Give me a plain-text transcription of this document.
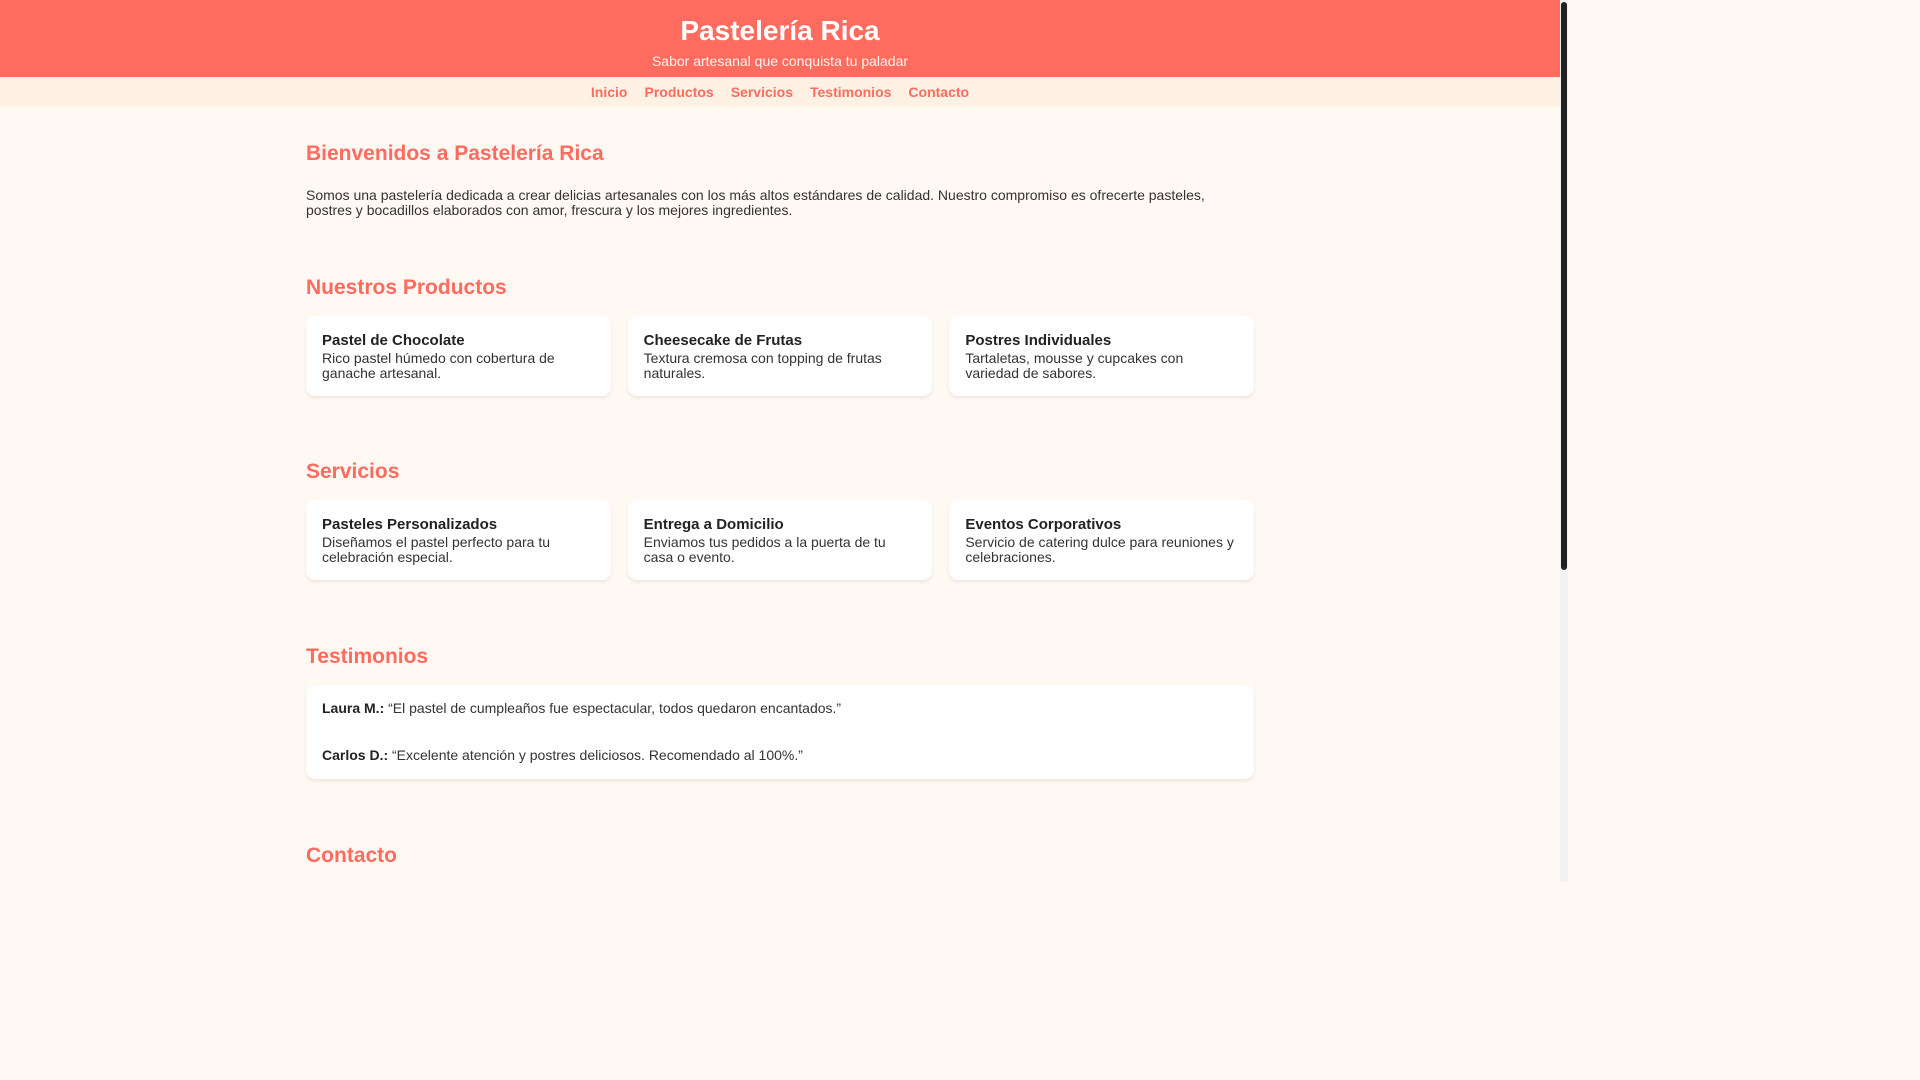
Pastelería Rica

Sabor artesanal que conquista tu paladar

Inicio Productos Servicios Testimonios Contacto
Bienvenidos a Pastelería Rica

Somos una pastelería dedicada a crear delicias artesanales con los más altos estándares de calidad. Nuestro compromiso es ofrecerte pasteles, postres y bocadillos elaborados con amor, frescura y los mejores ingredientes.

Nuestros Productos
Pastel de Chocolate

Rico pastel húmedo con cobertura de ganache artesanal.

Cheesecake de Frutas

Textura cremosa con topping de frutas naturales.

Postres Individuales

Tartaletas, mousse y cupcakes con variedad de sabores.

Servicios
Pasteles Personalizados

Diseñamos el pastel perfecto para tu celebración especial.

Entrega a Domicilio

Enviamos tus pedidos a la puerta de tu casa o evento.

Eventos Corporativos

Servicio de catering dulce para reuniones y celebraciones.

Testimonios
Laura M.: “El pastel de cumpleaños fue espectacular, todos quedaron encantados.”
Carlos D.: “Excelente atención y postres deliciosos. Recomendado al 100%.”
Contacto
